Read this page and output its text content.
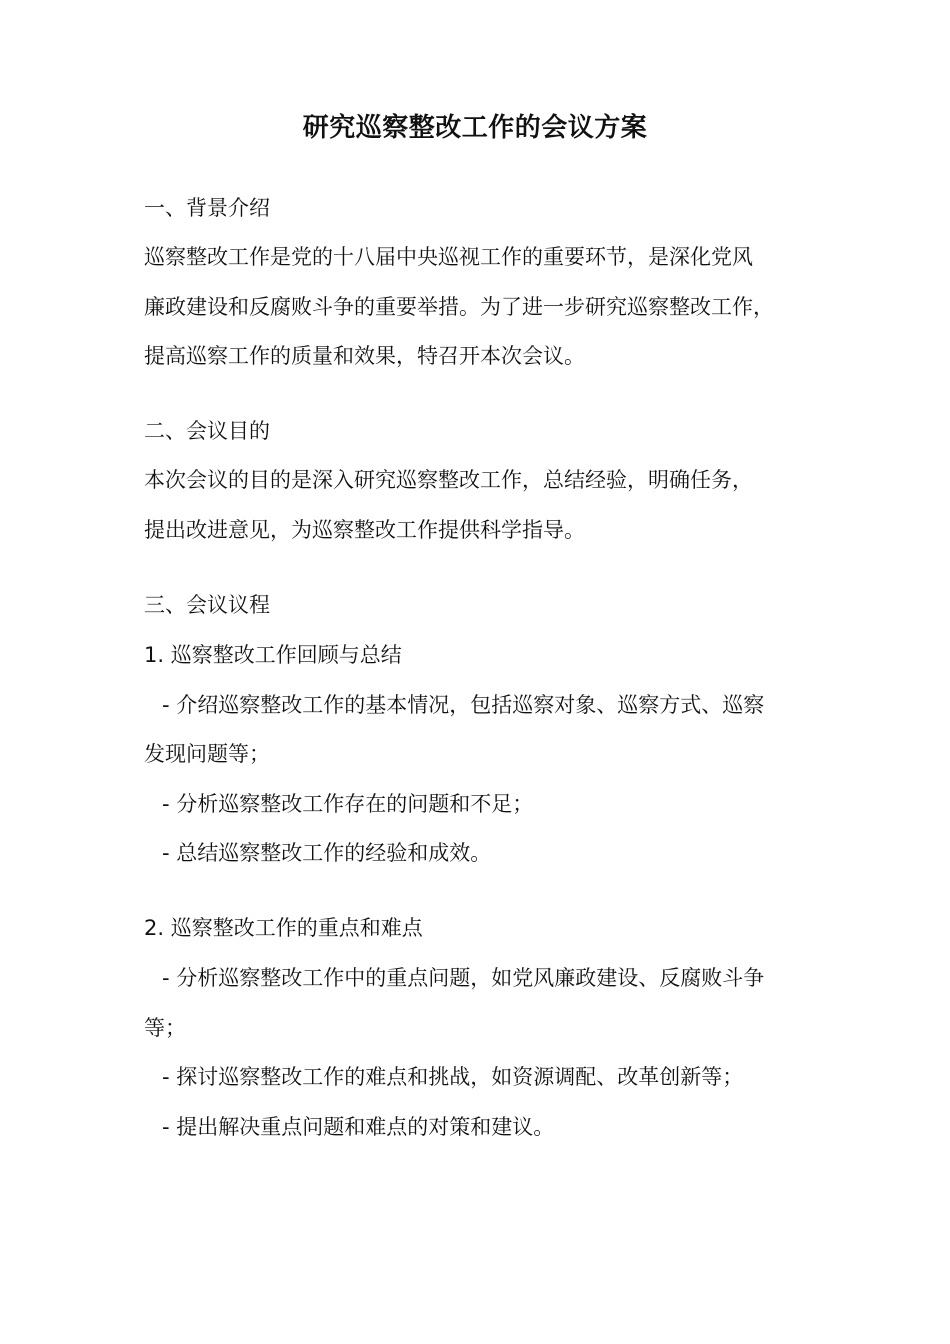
研究巡察整改工作的会议方案
一、背景介绍
巡察整改工作是党的十八届中央巡视工作的重要环节，是深化党风
廉政建设和反腐败斗争的重要举措。为了进一步研究巡察整改工作，
提高巡察工作的质量和效果，特召开本次会议。
二、会议目的
本次会议的目的是深入研究巡察整改工作，总结经验，明确任务，
提出改进意见，为巡察整改工作提供科学指导。
三、会议议程
1. 巡察整改工作回顾与总结
- 介绍巡察整改工作的基本情况，包括巡察对象、巡察方式、巡察
发现问题等；
- 分析巡察整改工作存在的问题和不足；
- 总结巡察整改工作的经验和成效。
2. 巡察整改工作的重点和难点
- 分析巡察整改工作中的重点问题，如党风廉政建设、反腐败斗争
等；
- 探讨巡察整改工作的难点和挑战，如资源调配、改革创新等；
- 提出解决重点问题和难点的对策和建议。
